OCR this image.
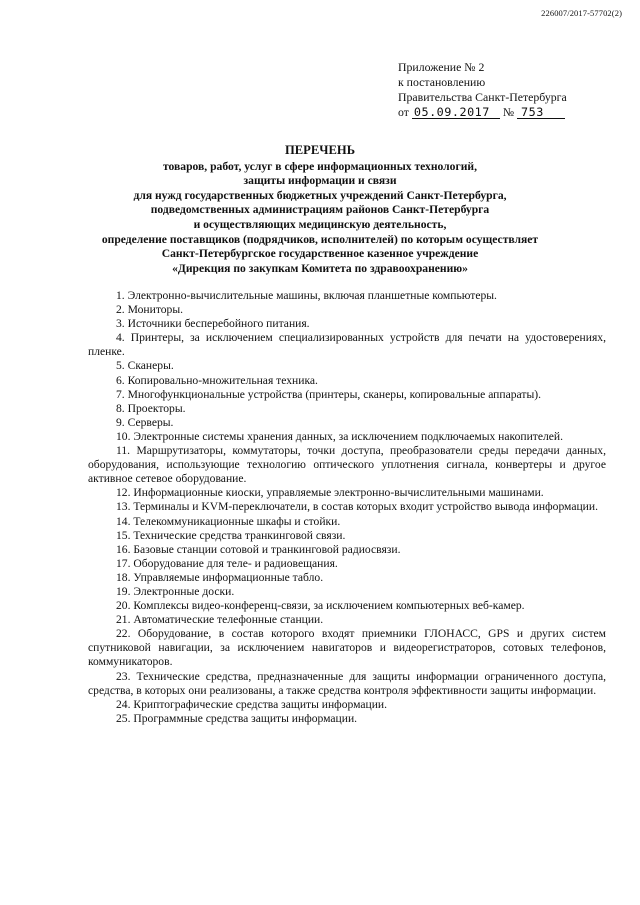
226007/2017-57702(2)
Приложение № 2
к постановлению
Правительства Санкт-Петербурга
от 05.09.2017 № 753
ПЕРЕЧЕНЬ
товаров, работ, услуг в сфере информационных технологий,
защиты информации и связи
для нужд государственных бюджетных учреждений Санкт-Петербурга,
подведомственных администрациям районов Санкт-Петербурга
и осуществляющих медицинскую деятельность,
определение поставщиков (подрядчиков, исполнителей) по которым осуществляет
Санкт-Петербургское государственное казенное учреждение
«Дирекция по закупкам Комитета по здравоохранению»
1. Электронно-вычислительные машины, включая планшетные компьютеры.
2. Мониторы.
3. Источники бесперебойного питания.
4. Принтеры, за исключением специализированных устройств для печати на удостоверениях, пленке.
5. Сканеры.
6. Копировально-множительная техника.
7. Многофункциональные устройства (принтеры, сканеры, копировальные аппараты).
8. Проекторы.
9. Серверы.
10. Электронные системы хранения данных, за исключением подключаемых накопителей.
11. Маршрутизаторы, коммутаторы, точки доступа, преобразователи среды передачи данных, оборудования, использующие технологию оптического уплотнения сигнала, конвертеры и другое активное сетевое оборудование.
12. Информационные киоски, управляемые электронно-вычислительными машинами.
13. Терминалы и KVM-переключатели, в состав которых входит устройство вывода информации.
14. Телекоммуникационные шкафы и стойки.
15. Технические средства транкинговой связи.
16. Базовые станции сотовой и транкинговой радиосвязи.
17. Оборудование для теле- и радиовещания.
18. Управляемые информационные табло.
19. Электронные доски.
20. Комплексы видео-конференц-связи, за исключением компьютерных веб-камер.
21. Автоматические телефонные станции.
22. Оборудование, в состав которого входят приемники ГЛОНАСС, GPS и других систем спутниковой навигации, за исключением навигаторов и видеорегистраторов, сотовых телефонов, коммуникаторов.
23. Технические средства, предназначенные для защиты информации ограниченного доступа, средства, в которых они реализованы, а также средства контроля эффективности защиты информации.
24. Криптографические средства защиты информации.
25. Программные средства защиты информации.
